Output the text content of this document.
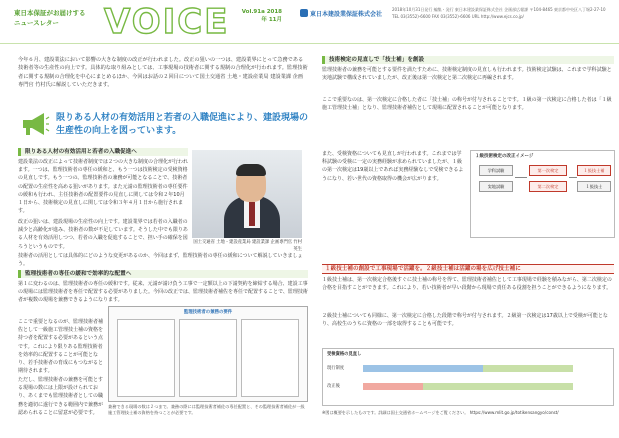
東日本保証がお届けする ニュースレター	VOICE	Vol.91a 2018年 11月
東日本建設業保証株式会社
2018年10月31日発行 編集・発行 東日本建設業保証株式会社 企画部広報課 〒104-8465 東京都中央区八丁堀2-27-10 TEL 03(3552)-6600 FAX 03(3552)-6606 URL http://www.ejcs.co.jp/
今年６月、建設業法において影響の大きな制度の改正が行われました。改正の狙いの一つは、建設業界にとって急務である技術者等の生産性の向上です。具体的な取り組みとしては、工事現場の技術者に関する規制の合理化が行われます。監理技術者に関する規制の合理化を中心にまとめるほか、今回はお話の２回目について国土交通省 土地・建設産業局 建設業課 企画専門官 竹村氏に解説していただきます。
限りある人材の有効活用と若者の入職促進により、建設現場の生産性の向上を図っています。
限りある人材の有効活用と若者の入職促進へ
建設業法の改正によって技術者制度では２つの大きな制度の合理化が行われます。一つは、監理技術者の専任の緩和と、もう一つは技術検定の受検資格の見直しです。もう一つの、監理技術者の兼務が可能となることで、技術者の配置の生産性を高める狙いがあります。また元請の監理技術者の専任要件の緩和も行われ、主任技術者の配置要件の見直しに関しては令和２年10月１日から、技術検定の見直しに関しては令和３年４月１日から施行されます。
改正の狙いは、建設現場の生産性の向上です。建設業界では若者の入職者の減少と高齢化が進み、技術者の数が不足しています。そうした中でも限りある人材を有効活用しつつ、若者の入職を促進することで、担い手の確保を図ろうというものです。
技術者の活用としては具体的にどのような変更があるのか、今回はまず、監理技術者の専任の緩和について解説していきましょう。
国土交通省 土地・建設産業局 建設業課 企画専門官 竹村 英生
監理技術者の専任の緩和で効率的な配置へ
第１に変わるのは、監理技術者の専任の緩和です。従来、元請が請け負う工事で一定額以上の下請契約を締結する場合、建設工事の現場には監理技術者を専任で配置する必要がありました。今回の改正では、監理技術者補佐を専任で配置することで、監理技術者が複数の現場を兼務できるようになります。
ここで重要となるのが、監理技術者補佐として一級施工管理技士補の資格を持つ者を配置する必要があるという点です。これにより限りある監理技術者を効率的に配置することが可能となり、若手技術者の育成にもつながると期待されます。
ただし、監理技術者の兼務を可能とする現場の数には上限が設けられており、あくまでも監理技術者としての職務を適切に遂行できる範囲内で兼務が認められることに留意が必要です。
監理技術者の兼務の要件
兼務できる現場の数は２つまで。兼務の際には監理技術者補佐の専任配置と、その監理技術者補佐が一級施工管理技士補の資格を持つことが必要です。
技術検定の見直しで「技士補」を創設
監理技術者の兼務を可能とする要件を満たすために、技術検定制度の見直しも行われます。技術検定試験は、これまで学科試験と実地試験で構成されていましたが、改正後は第一次検定と第二次検定に再編されます。
ここで重要なのは、第一次検定に合格した者に「技士補」の称号が付与されることです。１級の第一次検定に合格した者は「１級施工管理技士補」となり、監理技術者補佐として現場に配置されることが可能となります。
また、受検資格についても見直しが行われます。これまでは学科試験の受検に一定の実務経験が求められていましたが、１級の第一次検定は19歳以上であれば実務経験なしで受検できるようになり、若い世代の資格取得の機会が広がります。
１級技術検定の改正イメージ
学科試験
実地試験
第一次検定
第二次検定
１級技士補
１級技士
１級技士補の創設で工事現場で活躍を。２級技士補は活躍の場を広げ技士補に
１級技士補は、第一次検定合格後すぐに技士補の称号を得て、監理技術者補佐として工事現場で経験を積みながら、第二次検定の合格を目指すことができます。これにより、若い技術者が早い段階から現場で責任ある役割を担うことができるようになります。
２級技士補についても同様に、第一次検定に合格した段階で称号が付与されます。２級第一次検定は17歳以上で受検が可能となり、高校生のうちに資格の一部を取得することも可能です。
受検資格の見直し
現行制度
改正後
※図は概要を示したものです。詳細は国土交通省ホームページをご覧ください。 https://www.mlit.go.jp/totikensangyo/const/
